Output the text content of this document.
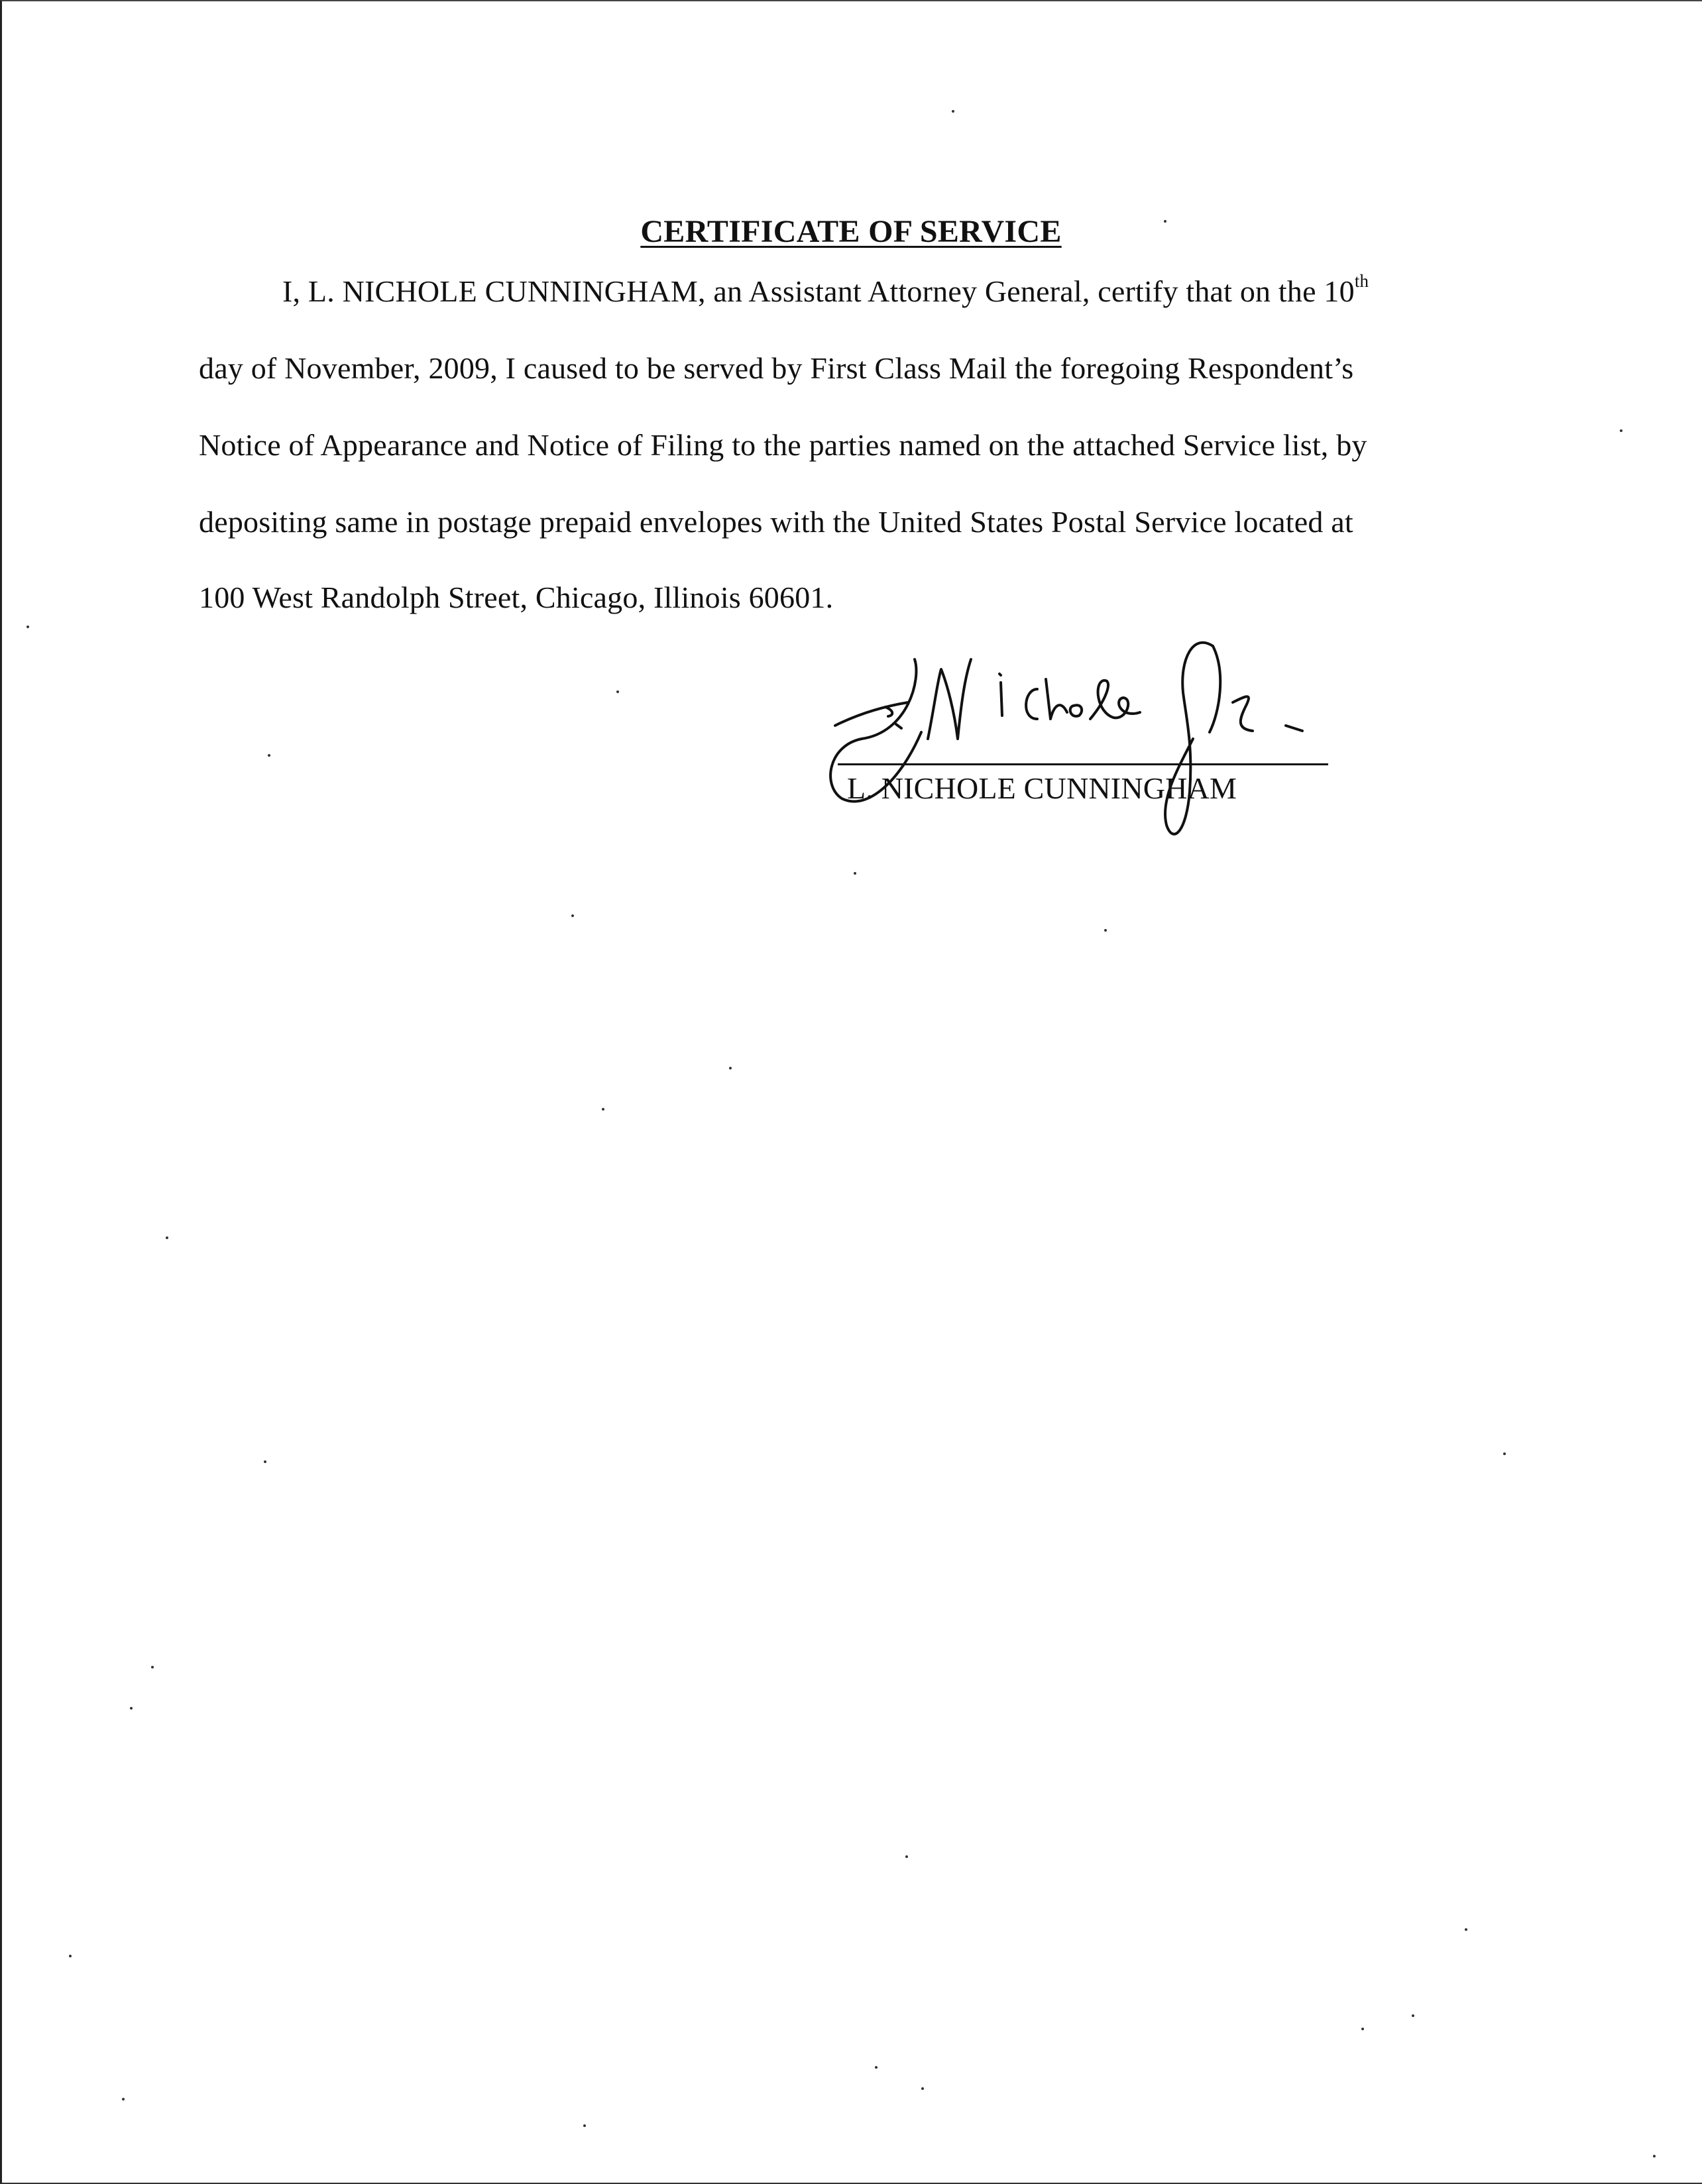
CERTIFICATE OF SERVICE
I, L. NICHOLE CUNNINGHAM, an Assistant Attorney General, certify that on the 10th
day of November, 2009, I caused to be served by First Class Mail the foregoing Respondent’s
Notice of Appearance and Notice of Filing to the parties named on the attached Service list, by
depositing same in postage prepaid envelopes with the United States Postal Service located at
100 West Randolph Street, Chicago, Illinois 60601.
L. NICHOLE CUNNINGHAM
